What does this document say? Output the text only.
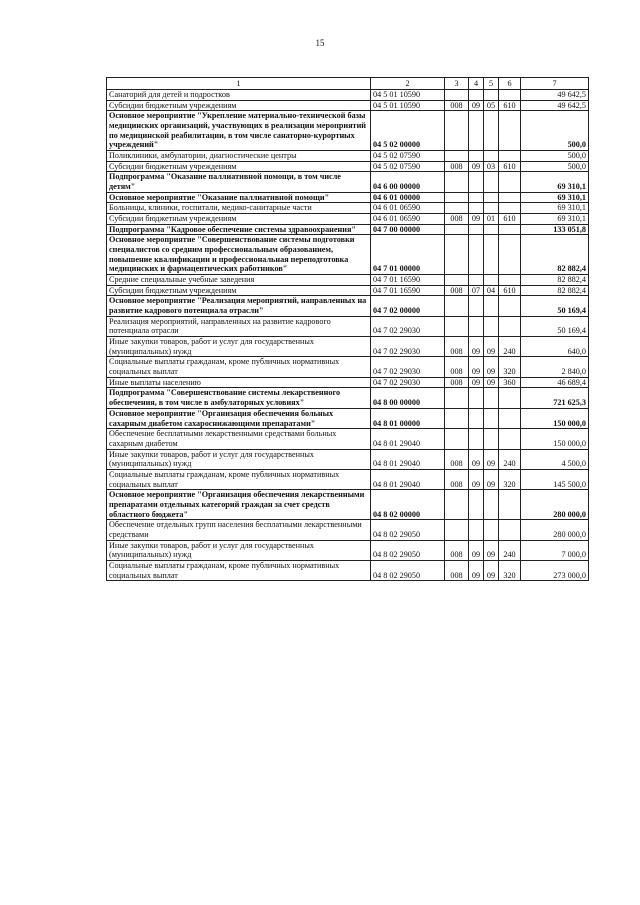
15
1	2	3	4	5	6	7
Санаторий для детей и подростков	04 5 01 10590					49 642,5
Субсидии бюджетным учреждениям	04 5 01 10590	008	09	05	610	49 642,5
Основное мероприятие "Укрепление материально-технической базы медицинских организаций, участвующих в реализации мероприятий по медицинской реабилитации, в том числе санаторно-курортных учреждений"	04 5 02 00000					500,0
Поликлиники, амбулатории, диагностические центры	04 5 02 07590					500,0
Субсидии бюджетным учреждениям	04 5 02 07590	008	09	03	610	500,0
Подпрограмма "Оказание паллиативной помощи, в том числе детям"	04 6 00 00000					69 310,1
Основное мероприятие "Оказание паллиативной помощи"	04 6 01 00000					69 310,1
Больницы, клиники, госпитали, медико-санитарные части	04 6 01 06590					69 310,1
Субсидии бюджетным учреждениям	04 6 01 06590	008	09	01	610	69 310,1
Подпрограмма "Кадровое обеспечение системы здравоохранения"	04 7 00 00000					133 051,8
Основное мероприятие "Совершенствование системы подготовки специалистов со средним профессиональным образованием, повышение квалификации и профессиональная переподготовка медицинских и фармацевтических работников"	04 7 01 00000					82 882,4
Средние специальные учебные заведения	04 7 01 16590					82 882,4
Субсидии бюджетным учреждениям	04 7 01 16590	008	07	04	610	82 882,4
Основное мероприятие "Реализация мероприятий, направленных на развитие кадрового потенциала отрасли"	04 7 02 00000					50 169,4
Реализация мероприятий, направленных на развитие кадрового потенциала отрасли	04 7 02 29030					50 169,4
Иные закупки товаров, работ и услуг для государственных (муниципальных) нужд	04 7 02 29030	008	09	09	240	640,0
Социальные выплаты гражданам, кроме публичных нормативных социальных выплат	04 7 02 29030	008	09	09	320	2 840,0
Иные выплаты населению	04 7 02 29030	008	09	09	360	46 689,4
Подпрограмма "Совершенствование системы лекарственного обеспечения, в том числе в амбулаторных условиях"	04 8 00 00000					721 625,3
Основное мероприятие "Организация обеспечения больных сахарным диабетом сахароснижающими препаратами"	04 8 01 00000					150 000,0
Обеспечение бесплатными лекарственными средствами больных сахарным диабетом	04 8 01 29040					150 000,0
Иные закупки товаров, работ и услуг для государственных (муниципальных) нужд	04 8 01 29040	008	09	09	240	4 500,0
Социальные выплаты гражданам, кроме публичных нормативных социальных выплат	04 8 01 29040	008	09	09	320	145 500,0
Основное мероприятие "Организация обеспечения лекарственными препаратами отдельных категорий граждан за счет средств областного бюджета"	04 8 02 00000					280 000,0
Обеспечение отдельных групп населения бесплатными лекарственными средствами	04 8 02 29050					280 000,0
Иные закупки товаров, работ и услуг для государственных (муниципальных) нужд	04 8 02 29050	008	09	09	240	7 000,0
Социальные выплаты гражданам, кроме публичных нормативных социальных выплат	04 8 02 29050	008	09	09	320	273 000,0
